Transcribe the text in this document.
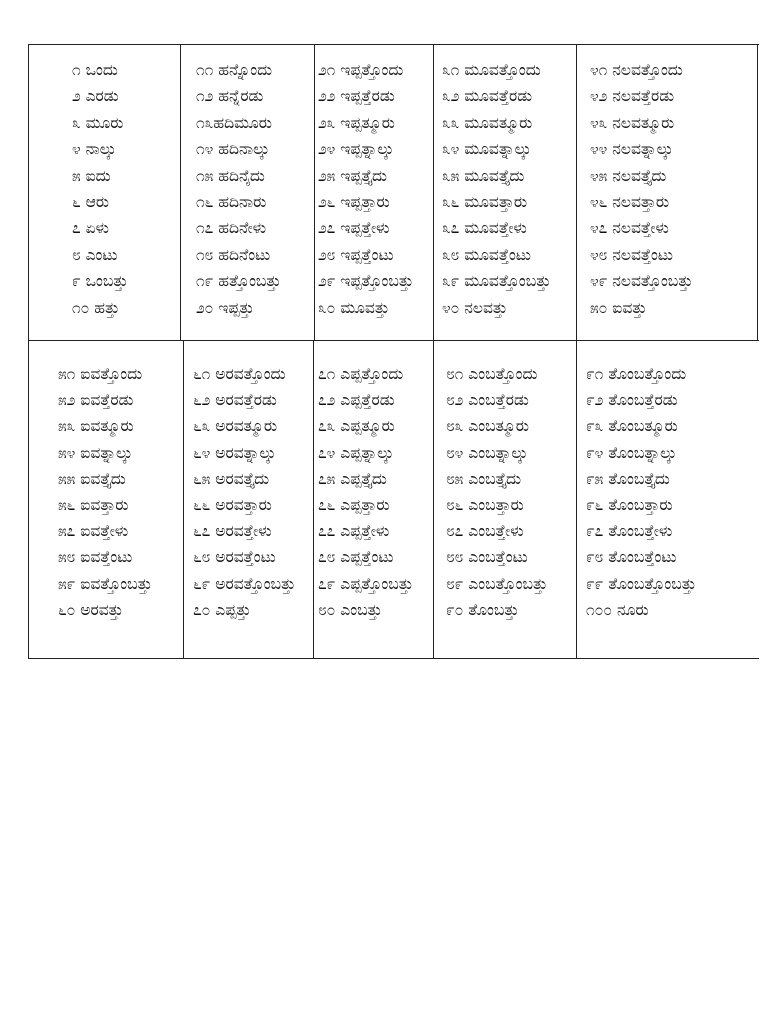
೧ ಒಂದು
೨ ಎರಡು
೩ ಮೂರು
೪ ನಾಲ್ಕು
೫ ಐದು
೬ ಆರು
೭ ಏಳು
೮ ಎಂಟು
೯ ಒಂಬತ್ತು
೧೦ ಹತ್ತು
೧೧ ಹನ್ನೊಂದು
೧೨ ಹನ್ನೆರಡು
೧೩ಹದಿಮೂರು
೧೪ ಹದಿನಾಲ್ಕು
೧೫ ಹದಿನೈದು
೧೬ ಹದಿನಾರು
೧೭ ಹದಿನೇಳು
೧೮ ಹದಿನೆಂಟು
೧೯ ಹತ್ತೊಂಬತ್ತು
೨೦ ಇಪ್ಪತ್ತು
೨೧ ಇಪ್ಪತ್ತೊಂದು
೨೨ ಇಪ್ಪತ್ತೆರಡು
೨೩ ಇಪ್ಪತ್ಮೂರು
೨೪ ಇಪ್ಪತ್ನಾಲ್ಕು
೨೫ ಇಪ್ಪತ್ತೈದು
೨೬ ಇಪ್ಪತ್ತಾರು
೨೭ ಇಪ್ಪತ್ತೇಳು
೨೮ ಇಪ್ಪತ್ತೆಂಟು
೨೯ ಇಪ್ಪತ್ತೊಂಬತ್ತು
೩೦ ಮೂವತ್ತು
೩೧ ಮೂವತ್ತೊಂದು
೩೨ ಮೂವತ್ತೆರಡು
೩೩ ಮೂವತ್ಮೂರು
೩೪ ಮೂವತ್ನಾಲ್ಕು
೩೫ ಮೂವತ್ತೈದು
೩೬ ಮೂವತ್ತಾರು
೩೭ ಮೂವತ್ತೇಳು
೩೮ ಮೂವತ್ತೆಂಟು
೩೯ ಮೂವತ್ತೊಂಬತ್ತು
೪೦ ನಲವತ್ತು
೪೧ ನಲವತ್ತೊಂದು
೪೨ ನಲವತ್ತೆರಡು
೪೩ ನಲವತ್ಮೂರು
೪೪ ನಲವತ್ನಾಲ್ಕು
೪೫ ನಲವತ್ತೈದು
೪೬ ನಲವತ್ತಾರು
೪೭ ನಲವತ್ತೇಳು
೪೮ ನಲವತ್ತೆಂಟು
೪೯ ನಲವತ್ತೊಂಬತ್ತು
೫೦ ಐವತ್ತು
೫೧ ಐವತ್ತೊಂದು
೫೨ ಐವತ್ತೆರಡು
೫೩ ಐವತ್ಮೂರು
೫೪ ಐವತ್ನಾಲ್ಕು
೫೫ ಐವತ್ತೈದು
೫೬ ಐವತ್ತಾರು
೫೭ ಐವತ್ತೇಳು
೫೮ ಐವತ್ತೆಂಟು
೫೯ ಐವತ್ತೊಂಬತ್ತು
೬೦ ಅರವತ್ತು
೬೧ ಅರವತ್ತೊಂದು
೬೨ ಅರವತ್ತೆರಡು
೬೩ ಅರವತ್ಮೂರು
೬೪ ಅರವತ್ನಾಲ್ಕು
೬೫ ಅರವತ್ತೈದು
೬೬ ಅರವತ್ತಾರು
೬೭ ಅರವತ್ತೇಳು
೬೮ ಅರವತ್ತೆಂಟು
೬೯ ಅರವತ್ತೊಂಬತ್ತು
೭೦ ಎಪ್ಪತ್ತು
೭೧ ಎಪ್ಪತ್ತೊಂದು
೭೨ ಎಪ್ಪತ್ತೆರಡು
೭೩ ಎಪ್ಪತ್ಮೂರು
೭೪ ಎಪ್ಪತ್ನಾಲ್ಕು
೭೫ ಎಪ್ಪತ್ತೈದು
೭೬ ಎಪ್ಪತ್ತಾರು
೭೭ ಎಪ್ಪತ್ತೇಳು
೭೮ ಎಪ್ಪತ್ತೆಂಟು
೭೯ ಎಪ್ಪತ್ತೊಂಬತ್ತು
೮೦ ಎಂಬತ್ತು
೮೧ ಎಂಬತ್ತೊಂದು
೮೨ ಎಂಬತ್ತೆರಡು
೮೩ ಎಂಬತ್ಮೂರು
೮೪ ಎಂಬತ್ನಾಲ್ಕು
೮೫ ಎಂಬತ್ತೈದು
೮೬ ಎಂಬತ್ತಾರು
೮೭ ಎಂಬತ್ತೇಳು
೮೮ ಎಂಬತ್ತೆಂಟು
೮೯ ಎಂಬತ್ತೊಂಬತ್ತು
೯೦ ತೊಂಬತ್ತು
೯೧ ತೊಂಬತ್ತೊಂದು
೯೨ ತೊಂಬತ್ತೆರಡು
೯೩ ತೊಂಬತ್ಮೂರು
೯೪ ತೊಂಬತ್ನಾಲ್ಕು
೯೫ ತೊಂಬತ್ತೈದು
೯೬ ತೊಂಬತ್ತಾರು
೯೭ ತೊಂಬತ್ತೇಳು
೯೮ ತೊಂಬತ್ತೆಂಟು
೯೯ ತೊಂಬತ್ತೊಂಬತ್ತು
೧೦೦ ನೂರು
